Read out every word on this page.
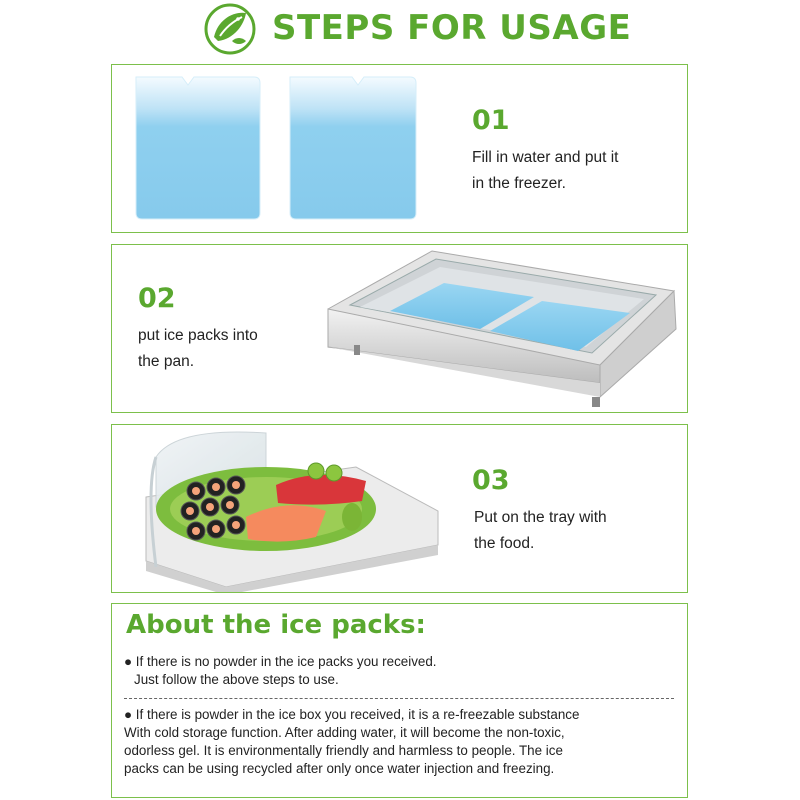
STEPS FOR USAGE
01
Fill in water and put it
in the freezer.
02
put ice packs into
the pan.
03
Put on the tray with
the food.
About the ice packs:
● If there is no powder in the ice packs you received.
Just follow the above steps to use.
● If there is powder in the ice box you received, it is a re-freezable substance
With cold storage function. After adding water, it will become the non-toxic,
odorless gel. It is environmentally friendly and harmless to people. The ice
packs can be using recycled after only once water injection and freezing.
